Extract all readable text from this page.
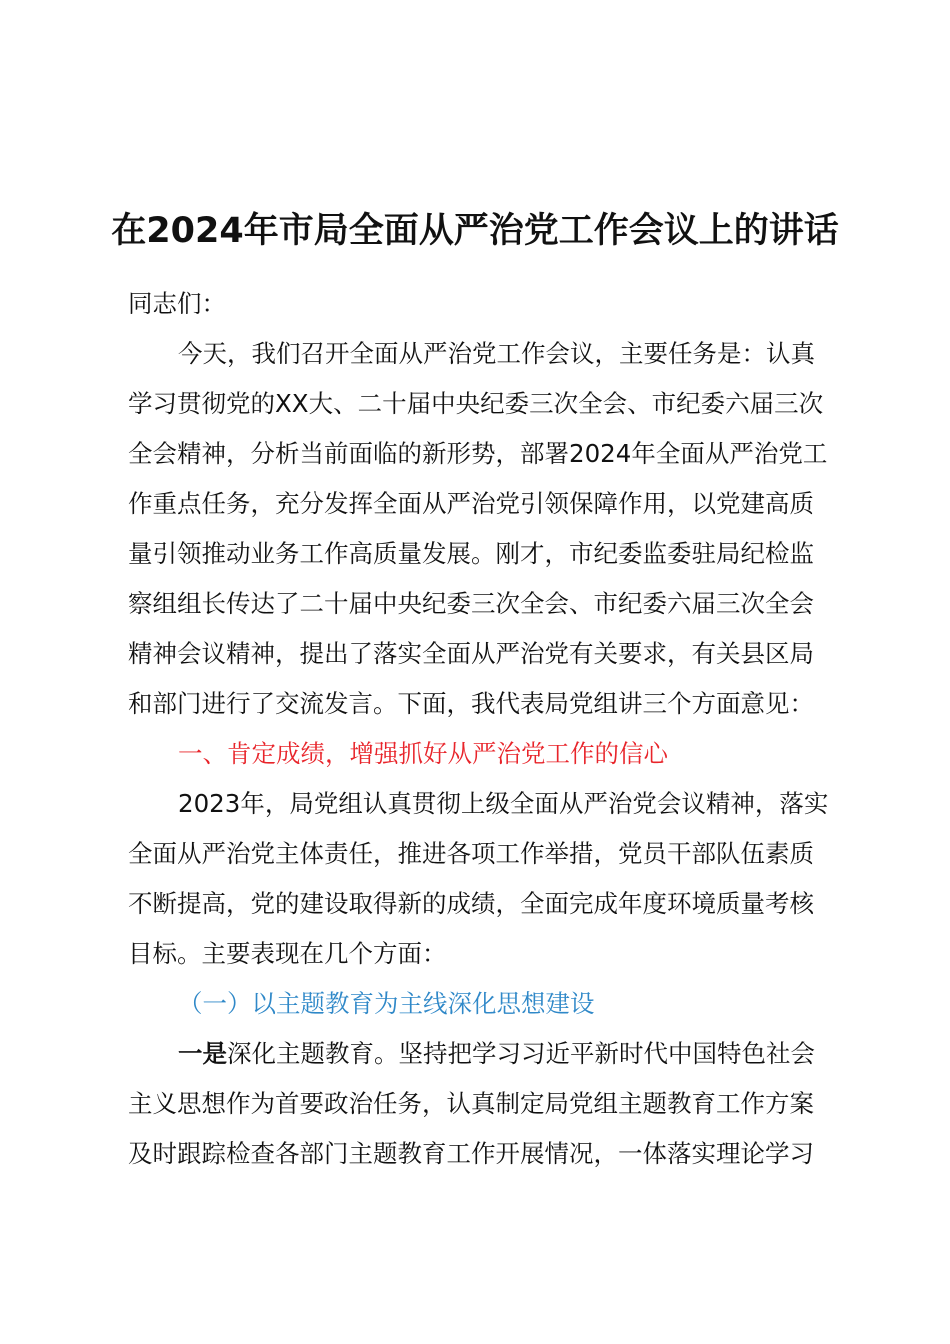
在2024年市局全面从严治党工作会议上的讲话
同志们：
今天，我们召开全面从严治党工作会议，主要任务是：认真
学习贯彻党的XX大、二十届中央纪委三次全会、市纪委六届三次
全会精神，分析当前面临的新形势，部署2024年全面从严治党工
作重点任务，充分发挥全面从严治党引领保障作用，以党建高质
量引领推动业务工作高质量发展。刚才，市纪委监委驻局纪检监
察组组长传达了二十届中央纪委三次全会、市纪委六届三次全会
精神会议精神，提出了落实全面从严治党有关要求，有关县区局
和部门进行了交流发言。下面，我代表局党组讲三个方面意见：
一、肯定成绩，增强抓好从严治党工作的信心
2023年，局党组认真贯彻上级全面从严治党会议精神，落实
全面从严治党主体责任，推进各项工作举措，党员干部队伍素质
不断提高，党的建设取得新的成绩，全面完成年度环境质量考核
目标。主要表现在几个方面：
（一）以主题教育为主线深化思想建设
一是深化主题教育。坚持把学习习近平新时代中国特色社会
主义思想作为首要政治任务，认真制定局党组主题教育工作方案
及时跟踪检查各部门主题教育工作开展情况，一体落实理论学习
